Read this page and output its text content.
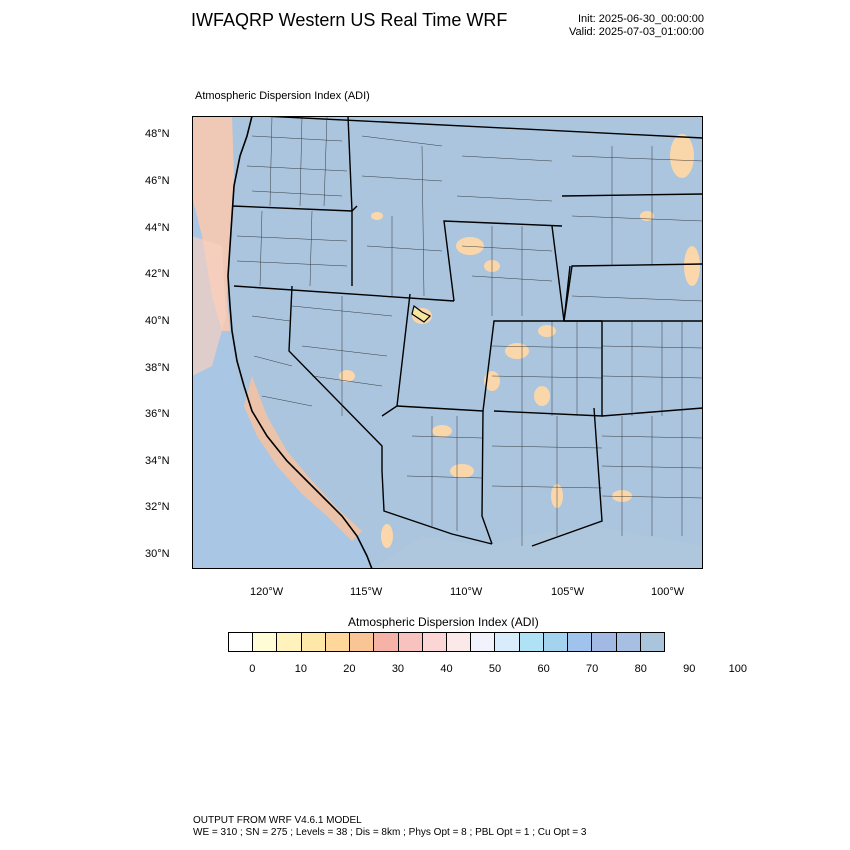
IWFAQRP Western US Real Time WRF	Init: 2025-06-30_00:00:00
Valid: 2025-07-03_01:00:00
Atmospheric Dispersion Index (ADI)
48°N
46°N
44°N
42°N
40°N
38°N
36°N
34°N
32°N
30°N
120°W	115°W	110°W	105°W	100°W
Atmospheric Dispersion Index (ADI)
0	10	20	30	40	50	60	70	80	90	100
OUTPUT FROM WRF V4.6.1 MODEL
WE = 310 ; SN = 275 ; Levels = 38 ; Dis = 8km ; Phys Opt = 8 ; PBL Opt = 1 ; Cu Opt = 3
